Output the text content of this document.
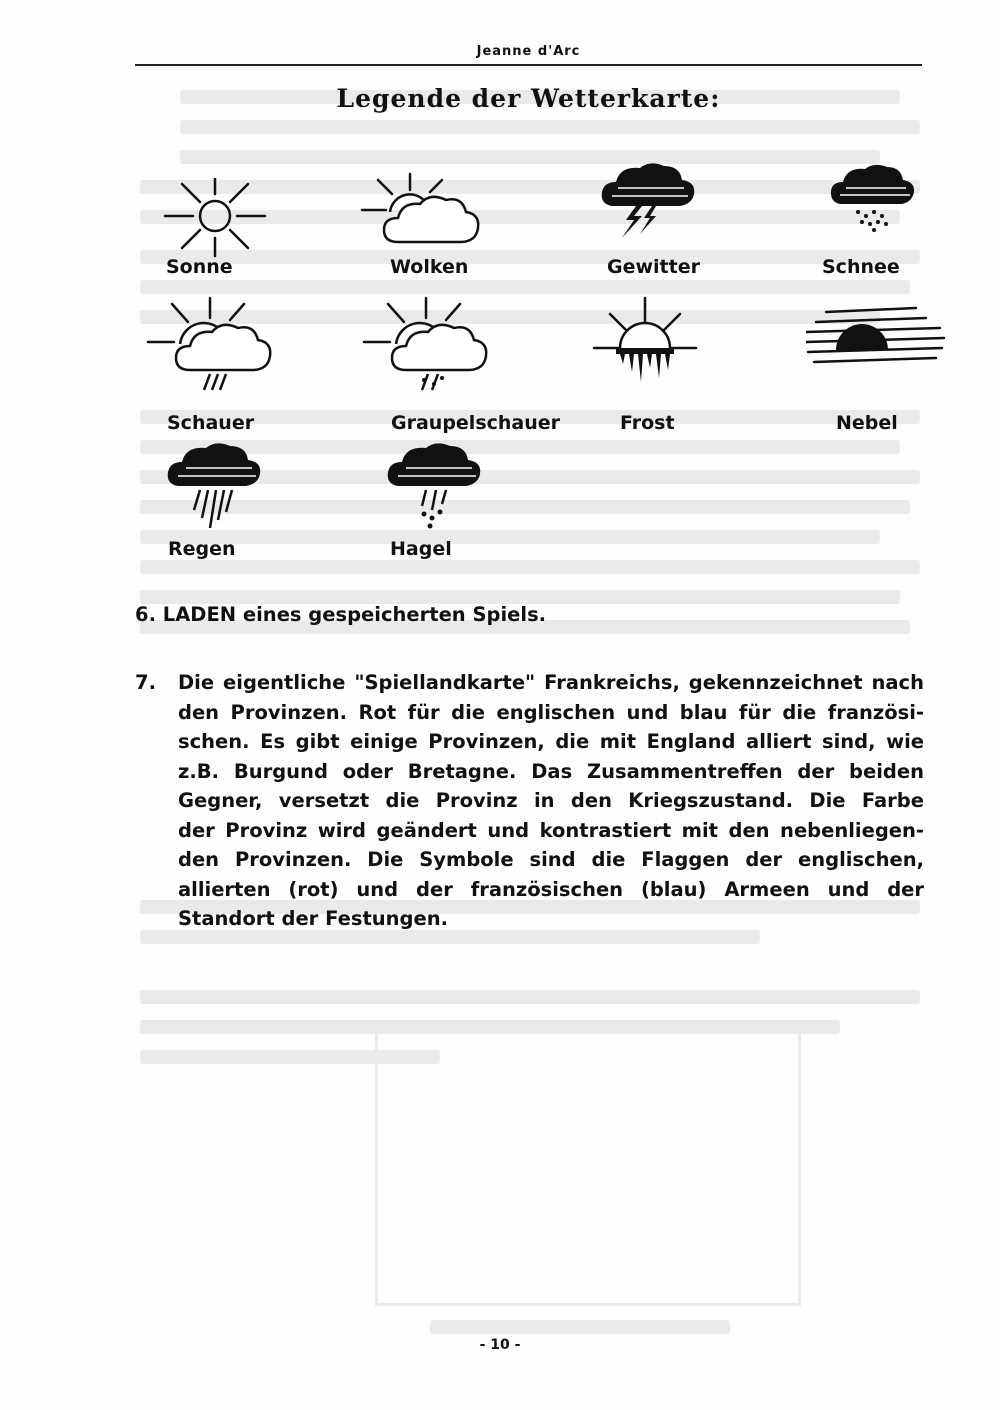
Jeanne d'Arc
Legende der Wetterkarte:
Sonne	Wolken	Gewitter	Schnee
Schauer	Graupelschauer	Frost	Nebel
Regen	Hagel
6. LADEN eines gespeicherten Spiels.
7. Die eigentliche "Spiellandkarte" Frankreichs, gekennzeichnet nach
den Provinzen. Rot für die englischen und blau für die französi-
schen. Es gibt einige Provinzen, die mit England alliert sind, wie
z.B. Burgund oder Bretagne. Das Zusammentreffen der beiden
Gegner, versetzt die Provinz in den Kriegszustand. Die Farbe
der Provinz wird geändert und kontrastiert mit den nebenliegen-
den Provinzen. Die Symbole sind die Flaggen der englischen,
allierten (rot) und der französischen (blau) Armeen und der
Standort der Festungen.
- 10 -
